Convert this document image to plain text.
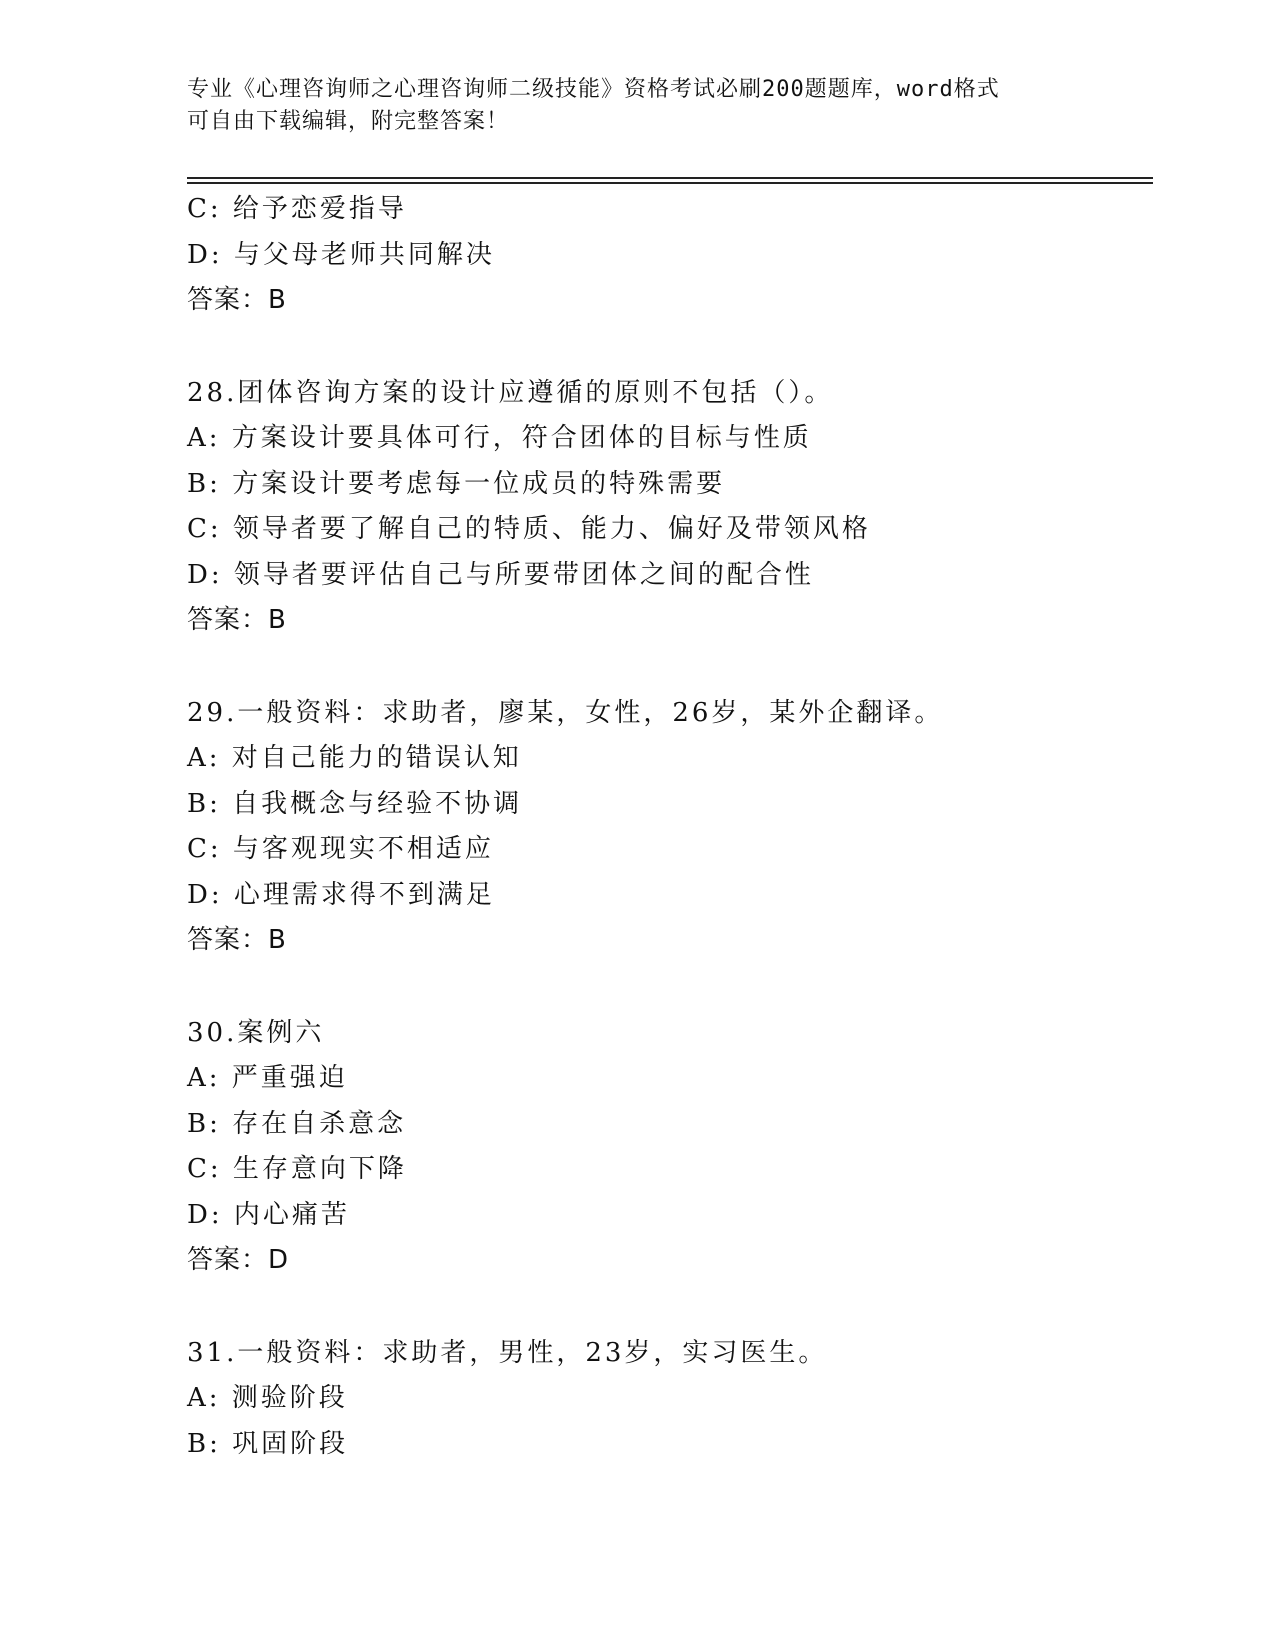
专业《心理咨询师之心理咨询师二级技能》资格考试必刷200题题库，word格式
可自由下载编辑，附完整答案！
C: 给予恋爱指导
D: 与父母老师共同解决
答案：B
28.团体咨询方案的设计应遵循的原则不包括（）。
A: 方案设计要具体可行，符合团体的目标与性质
B: 方案设计要考虑每一位成员的特殊需要
C: 领导者要了解自己的特质、能力、偏好及带领风格
D: 领导者要评估自己与所要带团体之间的配合性
答案：B
29.一般资料：求助者，廖某，女性，26岁，某外企翻译。
A: 对自己能力的错误认知
B: 自我概念与经验不协调
C: 与客观现实不相适应
D: 心理需求得不到满足
答案：B
30.案例六
A: 严重强迫
B: 存在自杀意念
C: 生存意向下降
D: 内心痛苦
答案：D
31.一般资料：求助者，男性，23岁，实习医生。
A: 测验阶段
B: 巩固阶段
